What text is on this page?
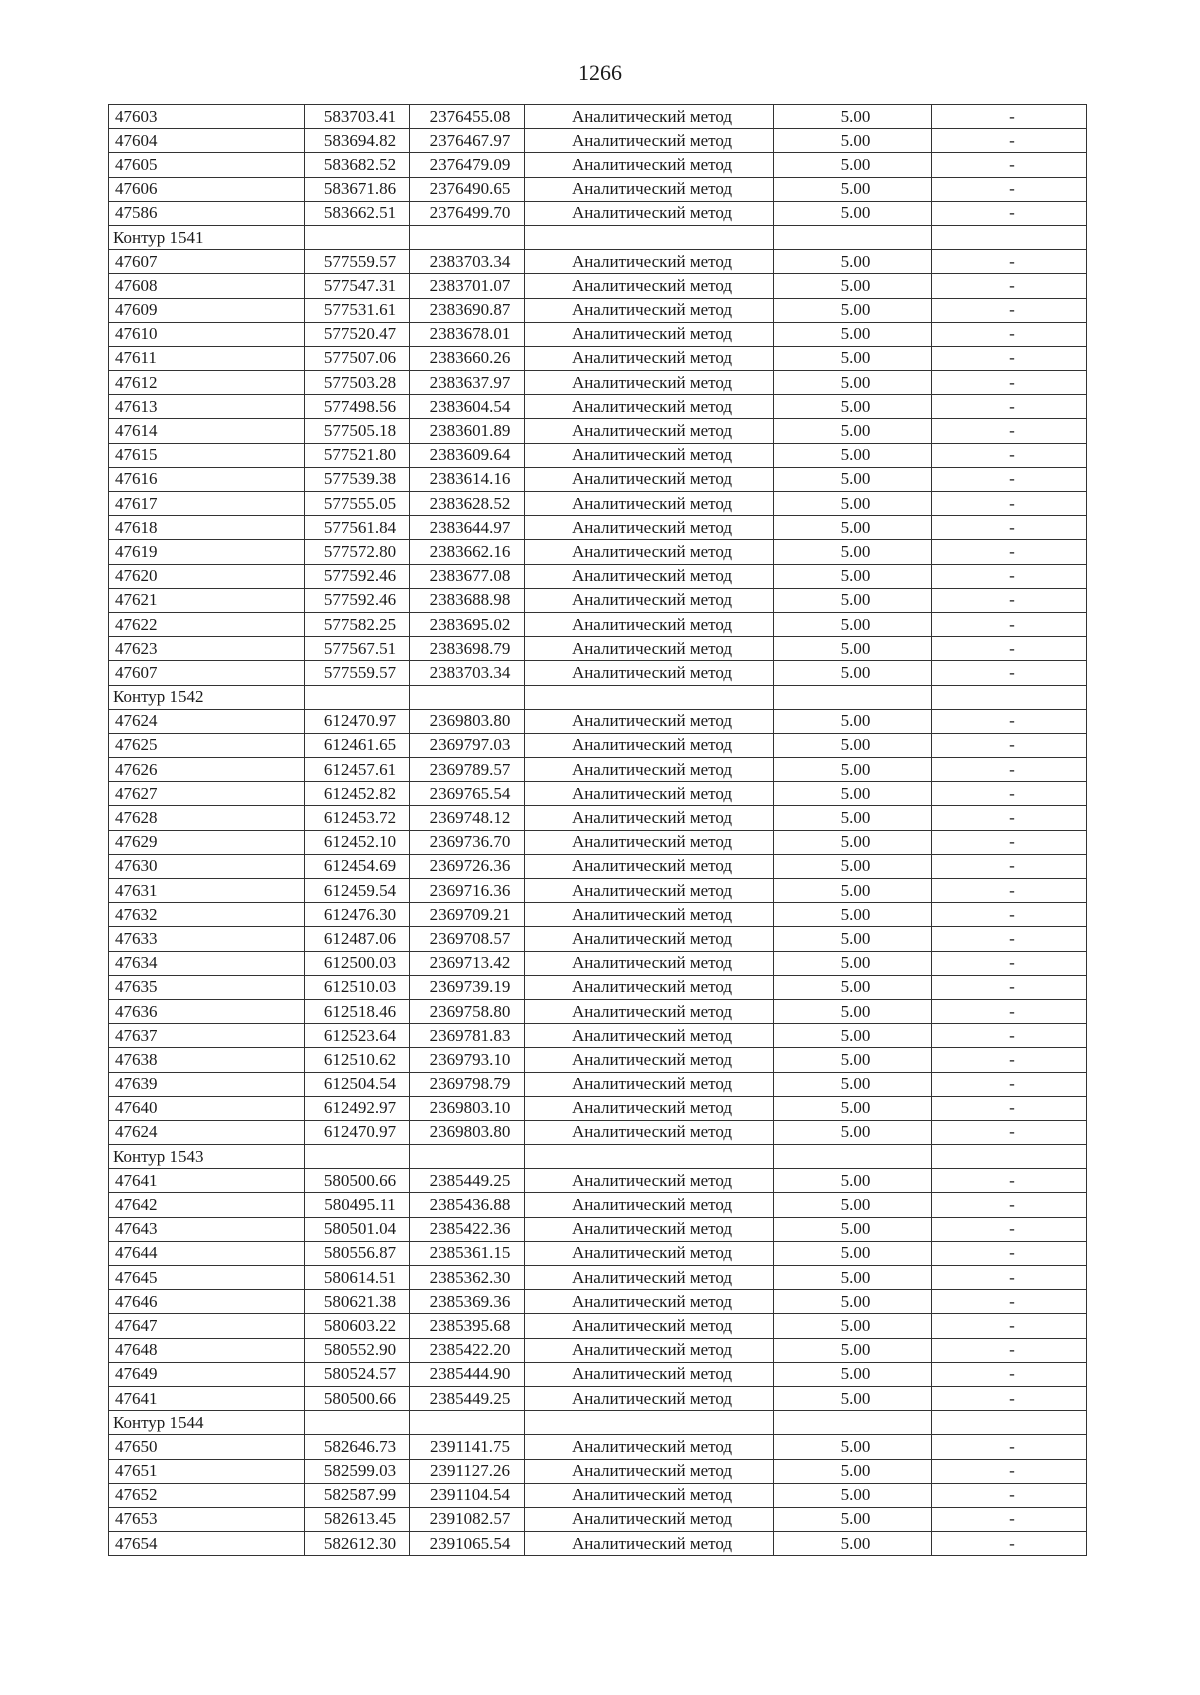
1266
47603	583703.41	2376455.08	Аналитический метод	5.00	-
47604	583694.82	2376467.97	Аналитический метод	5.00	-
47605	583682.52	2376479.09	Аналитический метод	5.00	-
47606	583671.86	2376490.65	Аналитический метод	5.00	-
47586	583662.51	2376499.70	Аналитический метод	5.00	-
Контур 1541					
47607	577559.57	2383703.34	Аналитический метод	5.00	-
47608	577547.31	2383701.07	Аналитический метод	5.00	-
47609	577531.61	2383690.87	Аналитический метод	5.00	-
47610	577520.47	2383678.01	Аналитический метод	5.00	-
47611	577507.06	2383660.26	Аналитический метод	5.00	-
47612	577503.28	2383637.97	Аналитический метод	5.00	-
47613	577498.56	2383604.54	Аналитический метод	5.00	-
47614	577505.18	2383601.89	Аналитический метод	5.00	-
47615	577521.80	2383609.64	Аналитический метод	5.00	-
47616	577539.38	2383614.16	Аналитический метод	5.00	-
47617	577555.05	2383628.52	Аналитический метод	5.00	-
47618	577561.84	2383644.97	Аналитический метод	5.00	-
47619	577572.80	2383662.16	Аналитический метод	5.00	-
47620	577592.46	2383677.08	Аналитический метод	5.00	-
47621	577592.46	2383688.98	Аналитический метод	5.00	-
47622	577582.25	2383695.02	Аналитический метод	5.00	-
47623	577567.51	2383698.79	Аналитический метод	5.00	-
47607	577559.57	2383703.34	Аналитический метод	5.00	-
Контур 1542					
47624	612470.97	2369803.80	Аналитический метод	5.00	-
47625	612461.65	2369797.03	Аналитический метод	5.00	-
47626	612457.61	2369789.57	Аналитический метод	5.00	-
47627	612452.82	2369765.54	Аналитический метод	5.00	-
47628	612453.72	2369748.12	Аналитический метод	5.00	-
47629	612452.10	2369736.70	Аналитический метод	5.00	-
47630	612454.69	2369726.36	Аналитический метод	5.00	-
47631	612459.54	2369716.36	Аналитический метод	5.00	-
47632	612476.30	2369709.21	Аналитический метод	5.00	-
47633	612487.06	2369708.57	Аналитический метод	5.00	-
47634	612500.03	2369713.42	Аналитический метод	5.00	-
47635	612510.03	2369739.19	Аналитический метод	5.00	-
47636	612518.46	2369758.80	Аналитический метод	5.00	-
47637	612523.64	2369781.83	Аналитический метод	5.00	-
47638	612510.62	2369793.10	Аналитический метод	5.00	-
47639	612504.54	2369798.79	Аналитический метод	5.00	-
47640	612492.97	2369803.10	Аналитический метод	5.00	-
47624	612470.97	2369803.80	Аналитический метод	5.00	-
Контур 1543					
47641	580500.66	2385449.25	Аналитический метод	5.00	-
47642	580495.11	2385436.88	Аналитический метод	5.00	-
47643	580501.04	2385422.36	Аналитический метод	5.00	-
47644	580556.87	2385361.15	Аналитический метод	5.00	-
47645	580614.51	2385362.30	Аналитический метод	5.00	-
47646	580621.38	2385369.36	Аналитический метод	5.00	-
47647	580603.22	2385395.68	Аналитический метод	5.00	-
47648	580552.90	2385422.20	Аналитический метод	5.00	-
47649	580524.57	2385444.90	Аналитический метод	5.00	-
47641	580500.66	2385449.25	Аналитический метод	5.00	-
Контур 1544					
47650	582646.73	2391141.75	Аналитический метод	5.00	-
47651	582599.03	2391127.26	Аналитический метод	5.00	-
47652	582587.99	2391104.54	Аналитический метод	5.00	-
47653	582613.45	2391082.57	Аналитический метод	5.00	-
47654	582612.30	2391065.54	Аналитический метод	5.00	-
